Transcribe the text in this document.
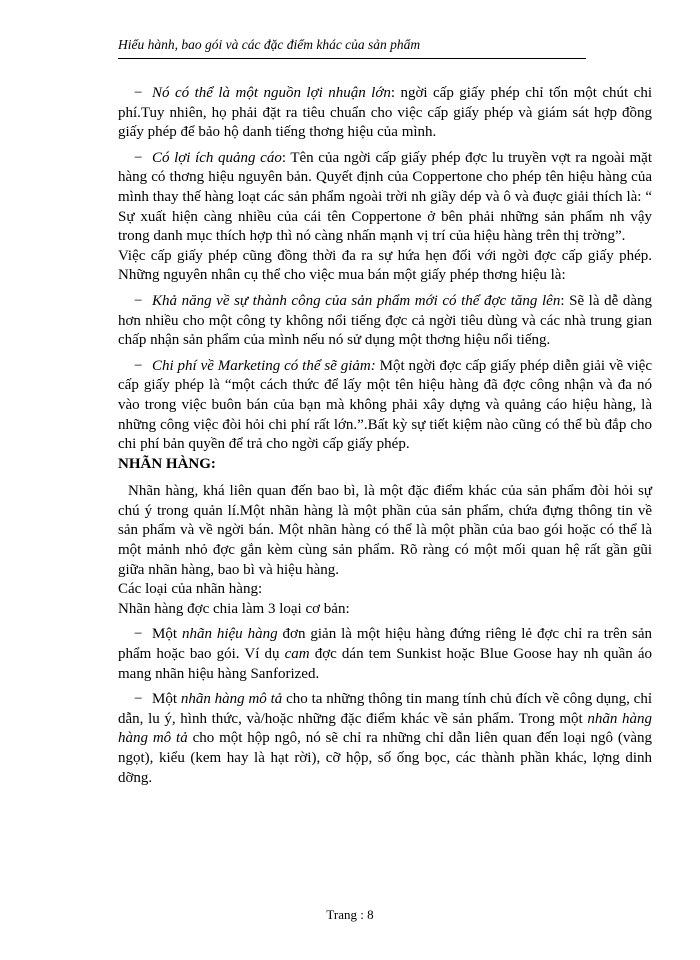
Hiểu hành, bao gói và các đặc điểm khác của sản phẩm

− Nó có thể là một nguồn lợi nhuận lớn: ngời cấp giấy phép chỉ tốn một chút chi phí.Tuy nhiên, họ phải đặt ra tiêu chuẩn cho việc cấp giấy phép và giám sát hợp đồng giấy phép để bảo hộ danh tiếng thơng hiệu của mình.

− Có lợi ích quảng cáo: Tên của ngời cấp giấy phép đợc lu truyền vợt ra ngoài mặt hàng có thơng hiệu nguyên bản. Quyết định của Coppertone cho phép tên hiệu hàng của mình thay thế hàng loạt các sản phẩm ngoài trời nh giầy dép và ô và đuợc giải thích là: “ Sự xuất hiện càng nhiều của cái tên Coppertone ở bên phải những sản phẩm nh vậy trong danh mục thích hợp thì nó càng nhấn mạnh vị trí của hiệu hàng trên thị trờng”.

Việc cấp giấy phép cũng đồng thời đa ra sự hứa hẹn đối với ngời đợc cấp giấy phép. Những nguyên nhân cụ thể cho việc mua bán một giấy phép thơng hiệu là:

− Khả năng về sự thành công của sản phẩm mới có thể đợc tăng lên: Sẽ là dễ dàng hơn nhiều cho một công ty không nổi tiếng đợc cả ngời tiêu dùng và các nhà trung gian chấp nhận sản phẩm của mình nếu nó sử dụng một thơng hiệu nổi tiếng.

− Chi phí về Marketing có thể sẽ giảm: Một ngời đợc cấp giấy phép diễn giải về việc cấp giấy phép là “một cách thức để lấy một tên hiệu hàng đã đợc công nhận và đa nó vào trong việc buôn bán của bạn mà không phải xây dựng và quảng cáo hiệu hàng, là những công việc đòi hỏi chi phí rất lớn.”.Bất kỳ sự tiết kiệm nào cũng có thể bù đắp cho chi phí bản quyền để trả cho ngời cấp giấy phép.

NHÃN HÀNG:

Nhãn hàng, khá liên quan đến bao bì, là một đặc điểm khác của sản phẩm đòi hỏi sự chú ý trong quản lí.Một nhãn hàng là một phần của sản phẩm, chứa đựng thông tin về sản phẩm và về ngời bán. Một nhãn hàng có thể là một phần của bao gói hoặc có thể là một mảnh nhỏ đợc gắn kèm cùng sản phẩm. Rõ ràng có một mối quan hệ rất gần gũi giữa nhãn hàng, bao bì và hiệu hàng.

Các loại của nhãn hàng:

Nhãn hàng đợc chia làm 3 loại cơ bản:

− Một nhãn hiệu hàng đơn giản là một hiệu hàng đứng riêng lẻ đợc chỉ ra trên sản phẩm hoặc bao gói. Ví dụ cam đợc dán tem Sunkist hoặc Blue Goose hay nh quần áo mang nhãn hiệu hàng Sanforized.

− Một nhãn hàng mô tả cho ta những thông tin mang tính chủ đích về công dụng, chỉ dẫn, lu ý, hình thức, và/hoặc những đặc điểm khác về sản phẩm. Trong một nhãn hàng hàng mô tả cho một hộp ngô, nó sẽ chỉ ra những chỉ dẫn liên quan đến loại ngô (vàng ngọt), kiểu (kem hay là hạt rời), cỡ hộp, số ống bọc, các thành phần khác, lợng dinh dỡng.

Trang : 8
